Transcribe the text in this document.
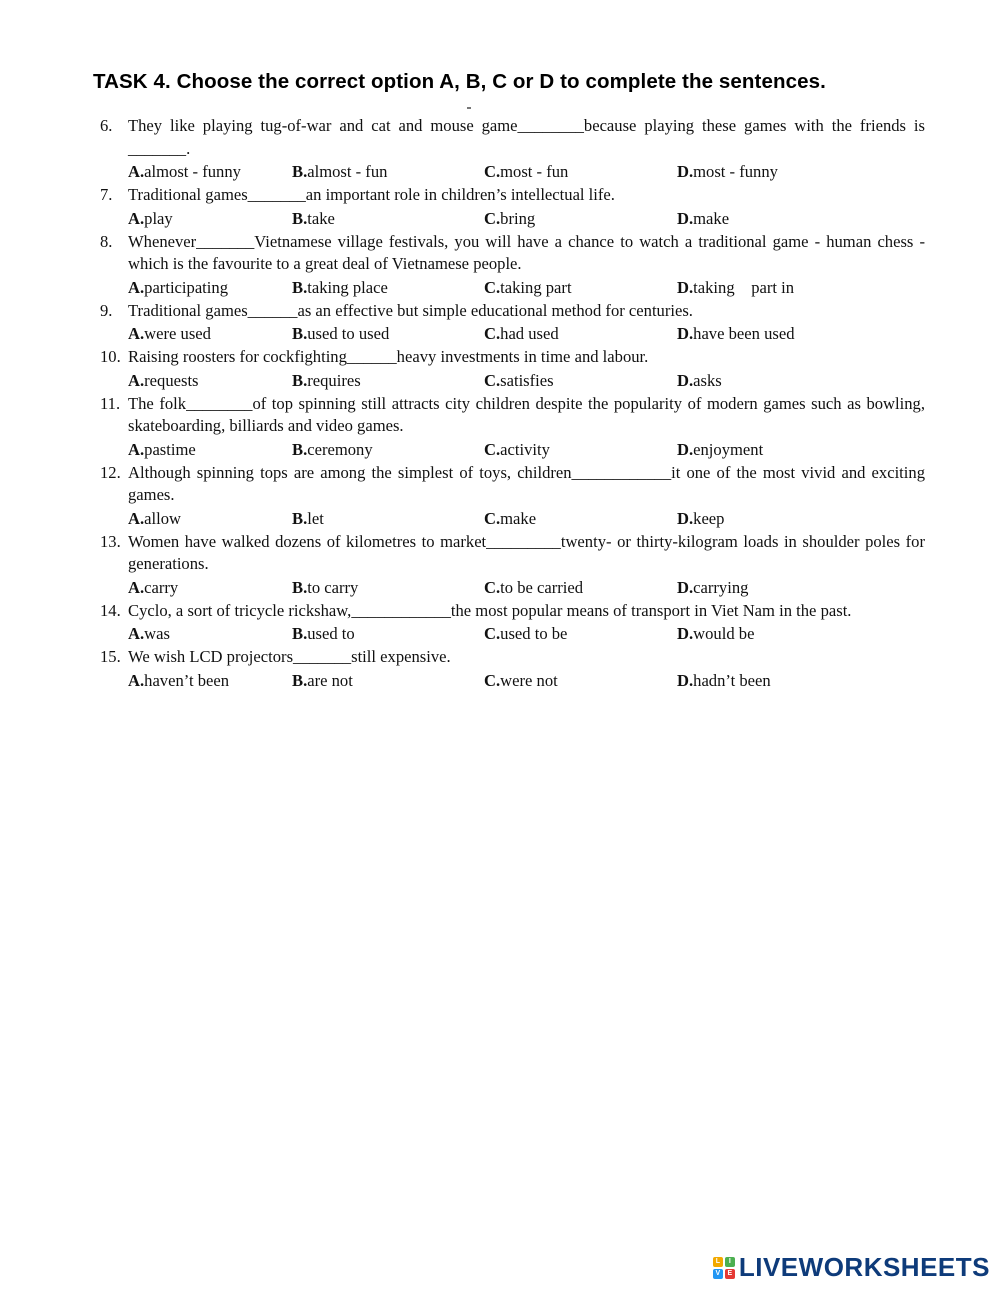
TASK 4. Choose the correct option A, B, C or D to complete the sentences.
6. They like playing tug-of-war and cat and mouse game________because playing these games with the friends is _______.
A.almost - funny	B.almost - fun	C.most - fun	D.most - funny
7. Traditional games_______an important role in children’s intellectual life.
A.play	B.take	C.bring	D.make
8. Whenever_______Vietnamese village festivals, you will have a chance to watch a traditional game - human chess - which is the favourite to a great deal of Vietnamese people.
A.participating	B.taking place	C.taking part	D.taking    part in
9. Traditional games______as an effective but simple educational method for centuries.
A.were used	B.used to used	C.had used	D.have been used
10. Raising roosters for cockfighting______heavy investments in time and labour.
A.requests	B.requires	C.satisfies	D.asks
11. The folk________of top spinning still attracts city children despite the popularity of modern games such as bowling, skateboarding, billiards and video games.
A.pastime	B.ceremony	C.activity	D.enjoyment
12. Although spinning tops are among the simplest of toys, children____________it one of the most vivid and exciting games.
A.allow	B.let	C.make	D.keep
13. Women have walked dozens of kilometres to market_________twenty- or thirty-kilogram loads in shoulder poles for generations.
A.carry	B.to carry	C.to be carried	D.carrying
14. Cyclo, a sort of tricycle rickshaw,____________the most popular means of transport in Viet Nam in the past.
A.was	B.used to	C.used to be	D.would be
15. We wish LCD projectors_______still expensive.
A.haven’t been	B.are not	C.were not	D.hadn’t been
L	I
V	E LIVEWORKSHEETS
